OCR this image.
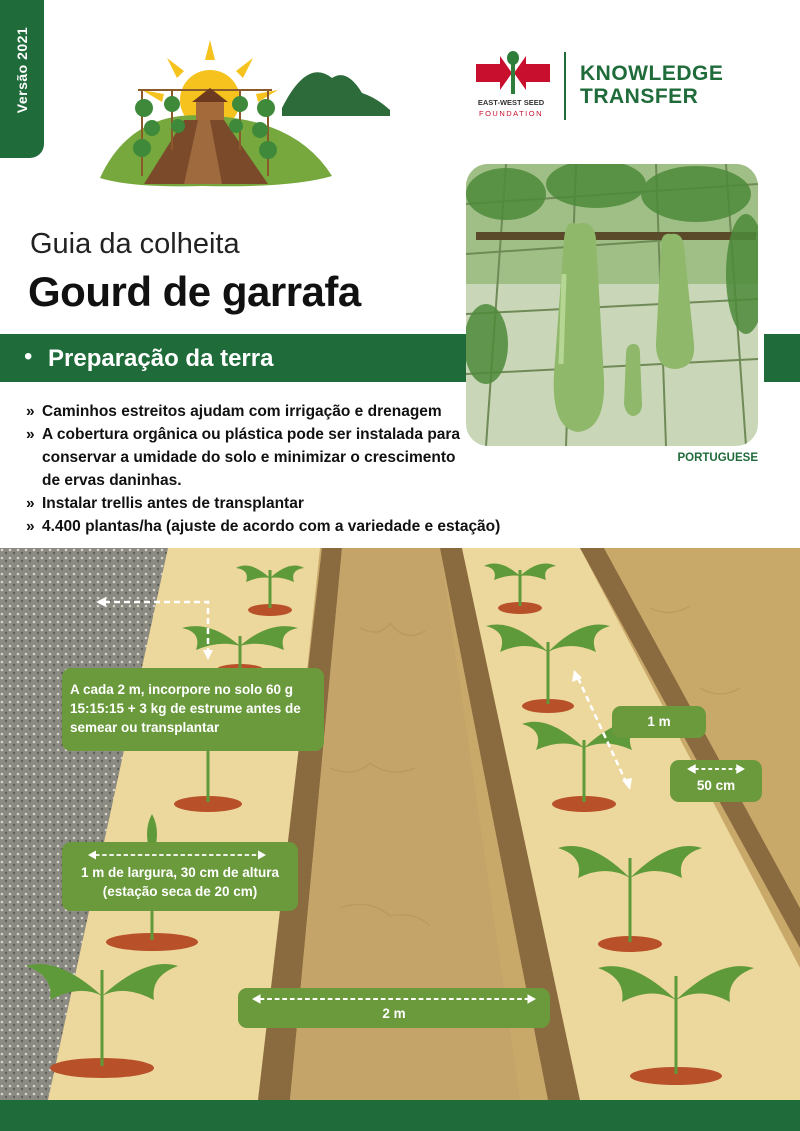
Versão 2021	EAST-WEST SEED
FOUNDATION
KNOWLEDGE
TRANSFER
PORTUGUESE
Guia da colheita
Gourd de garrafa
• Preparação da terra
» Caminhos estreitos ajudam com irrigação e drenagem
» A cobertura orgânica ou plástica pode ser instalada para conservar a umidade do solo e minimizar o crescimento de ervas daninhas.
» Instalar trellis antes de transplantar
» 4.400 plantas/ha (ajuste de acordo com a variedade e estação)
A cada 2 m, incorpore no solo 60 g 15:15:15 + 3 kg de estrume antes de semear ou transplantar
1 m de largura, 30 cm de altura (estação seca de 20 cm)
2 m
1 m
50 cm
